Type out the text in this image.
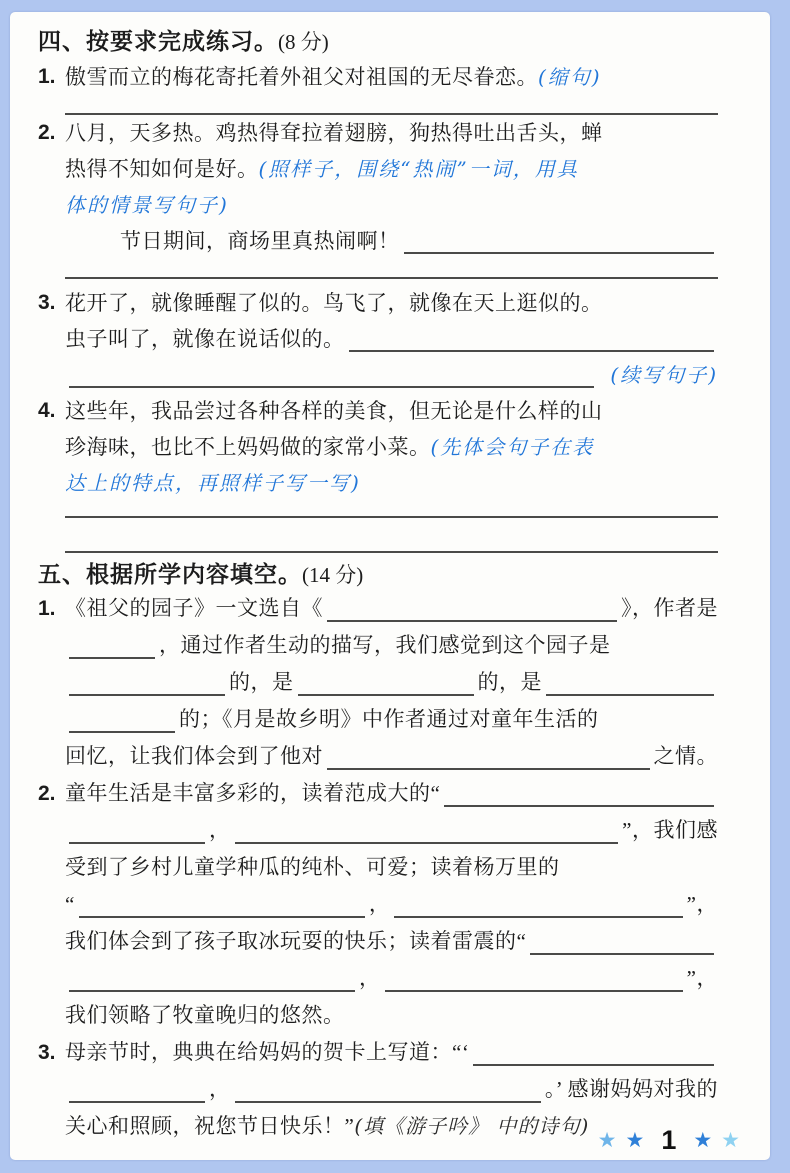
四、按要求完成练习。(8 分)
1. 傲雪而立的梅花寄托着外祖父对祖国的无尽眷恋。 (缩句)
2. 八月，天多热。鸡热得耷拉着翅膀，狗热得吐出舌头，蝉
热得不知如何是好。 (照样子，围绕“热闹”一词，用具
体的情景写句子)
节日期间，商场里真热闹啊！
3. 花开了，就像睡醒了似的。鸟飞了，就像在天上逛似的。
虫子叫了，就像在说话似的。
(续写句子)
4. 这些年，我品尝过各种各样的美食，但无论是什么样的山
珍海味，也比不上妈妈做的家常小菜。 (先体会句子在表
达上的特点，再照样子写一写)
五、根据所学内容填空。(14 分)
1. 《祖父的园子》一文选自《	》，作者是
，通过作者生动的描写，我们感觉到这个园子是
的，是	的，是
的；《月是故乡明》中作者通过对童年生活的
回忆，让我们体会到了他对	之情。
2. 童年生活是丰富多彩的，读着范成大的 “
，	”，我们感
受到了乡村儿童学种瓜的纯朴、可爱；读着杨万里的
“	，	”，
我们体会到了孩子取冰玩耍的快乐；读着雷震的 “
，	”，
我们领略了牧童晚归的悠然。
3. 母亲节时，典典在给妈妈的贺卡上写道： “‘
，	。’ 感谢妈妈对我的
关心和照顾，祝您节日快乐！” (填《游子吟》 中的诗句)
★ ★ 1 ★ ★
